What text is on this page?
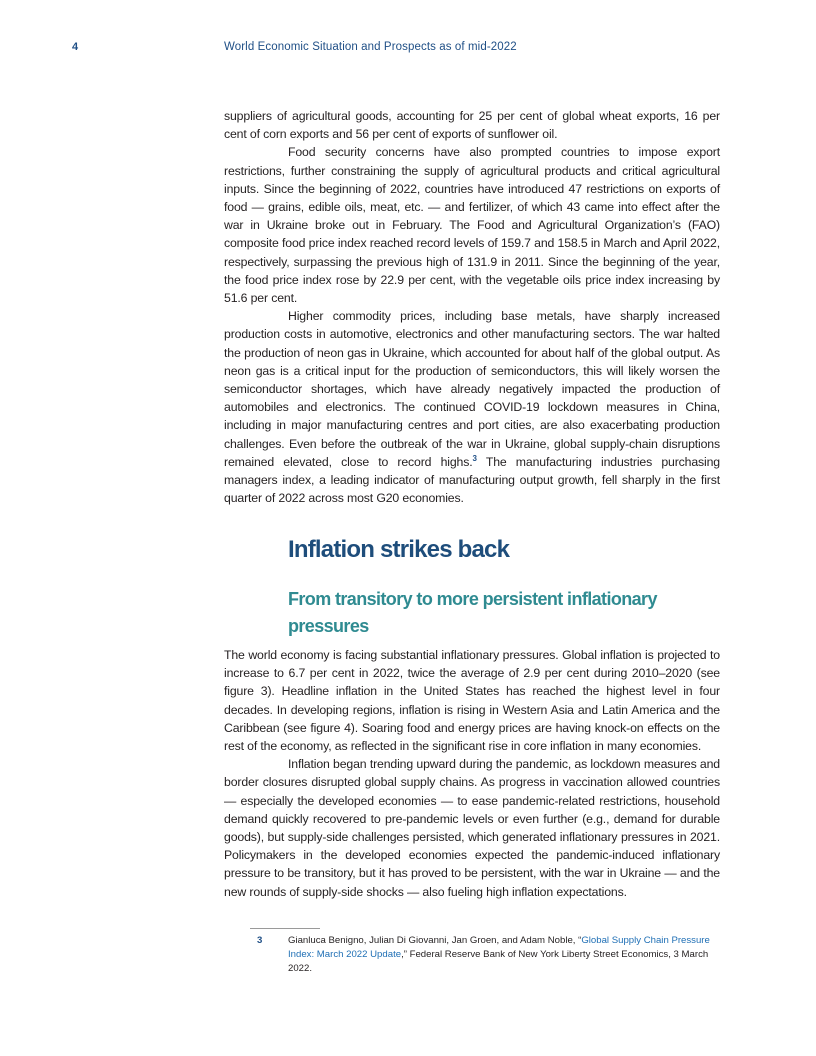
4	World Economic Situation and Prospects as of mid-2022

suppliers of agricultural goods, accounting for 25 per cent of global wheat exports, 16 per cent of corn exports and 56 per cent of exports of sunflower oil.

Food security concerns have also prompted countries to impose export restrictions, further constraining the supply of agricultural products and critical agricultural inputs. Since the beginning of 2022, countries have introduced 47 restrictions on exports of food — grains, edible oils, meat, etc. — and fertilizer, of which 43 came into effect after the war in Ukraine broke out in February. The Food and Agricultural Organization’s (FAO) composite food price index reached record levels of 159.7 and 158.5 in March and April 2022, respectively, surpassing the previous high of 131.9 in 2011. Since the beginning of the year, the food price index rose by 22.9 per cent, with the vegetable oils price index increasing by 51.6 per cent.

Higher commodity prices, including base metals, have sharply increased production costs in automotive, electronics and other manufacturing sectors. The war halted the production of neon gas in Ukraine, which accounted for about half of the global output. As neon gas is a critical input for the production of semiconductors, this will likely worsen the semiconductor shortages, which have already negatively impacted the production of automobiles and electronics. The continued COVID-19 lockdown measures in China, including in major manufacturing centres and port cities, are also exacerbating production challenges. Even before the outbreak of the war in Ukraine, global supply-chain disruptions remained elevated, close to record highs.$^3$ The manufacturing industries purchasing managers index, a leading indicator of manufacturing output growth, fell sharply in the first quarter of 2022 across most G20 economies.

Inflation strikes back
From transitory to more persistent inflationary pressures

The world economy is facing substantial inflationary pressures. Global inflation is projected to increase to 6.7 per cent in 2022, twice the average of 2.9 per cent during 2010–2020 (see figure 3). Headline inflation in the United States has reached the highest level in four decades. In developing regions, inflation is rising in Western Asia and Latin America and the Caribbean (see figure 4). Soaring food and energy prices are having knock-on effects on the rest of the economy, as reflected in the significant rise in core inflation in many economies.

Inflation began trending upward during the pandemic, as lockdown measures and border closures disrupted global supply chains. As progress in vaccination allowed countries — especially the developed economies — to ease pandemic-related restrictions, household demand quickly recovered to pre-pandemic levels or even further (e.g., demand for durable goods), but supply-side challenges persisted, which generated inflationary pressures in 2021. Policymakers in the developed economies expected the pandemic-induced inflationary pressure to be transitory, but it has proved to be persistent, with the war in Ukraine — and the new rounds of supply-side shocks — also fueling high inflation expectations.

3	Gianluca Benigno, Julian Di Giovanni, Jan Groen, and Adam Noble, “Global Supply Chain Pressure Index: March 2022 Update,” Federal Reserve Bank of New York Liberty Street Economics, 3 March 2022.
